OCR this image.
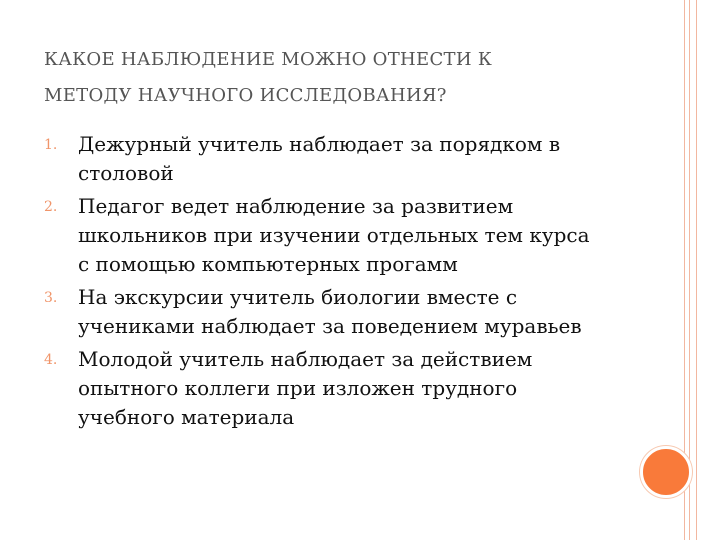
КАКОЕ НАБЛЮДЕНИЕ МОЖНО ОТНЕСТИ К
МЕТОДУ НАУЧНОГО ИССЛЕДОВАНИЯ?
1. Дежурный учитель наблюдает за порядком в столовой
2. Педагог ведет наблюдение за развитием школьников при изучении отдельных тем курса с помощью компьютерных прогамм
3. На экскурсии учитель биологии вместе с учениками наблюдает за поведением муравьев
4. Молодой учитель наблюдает за действием опытного коллеги при изложен трудного учебного материала
